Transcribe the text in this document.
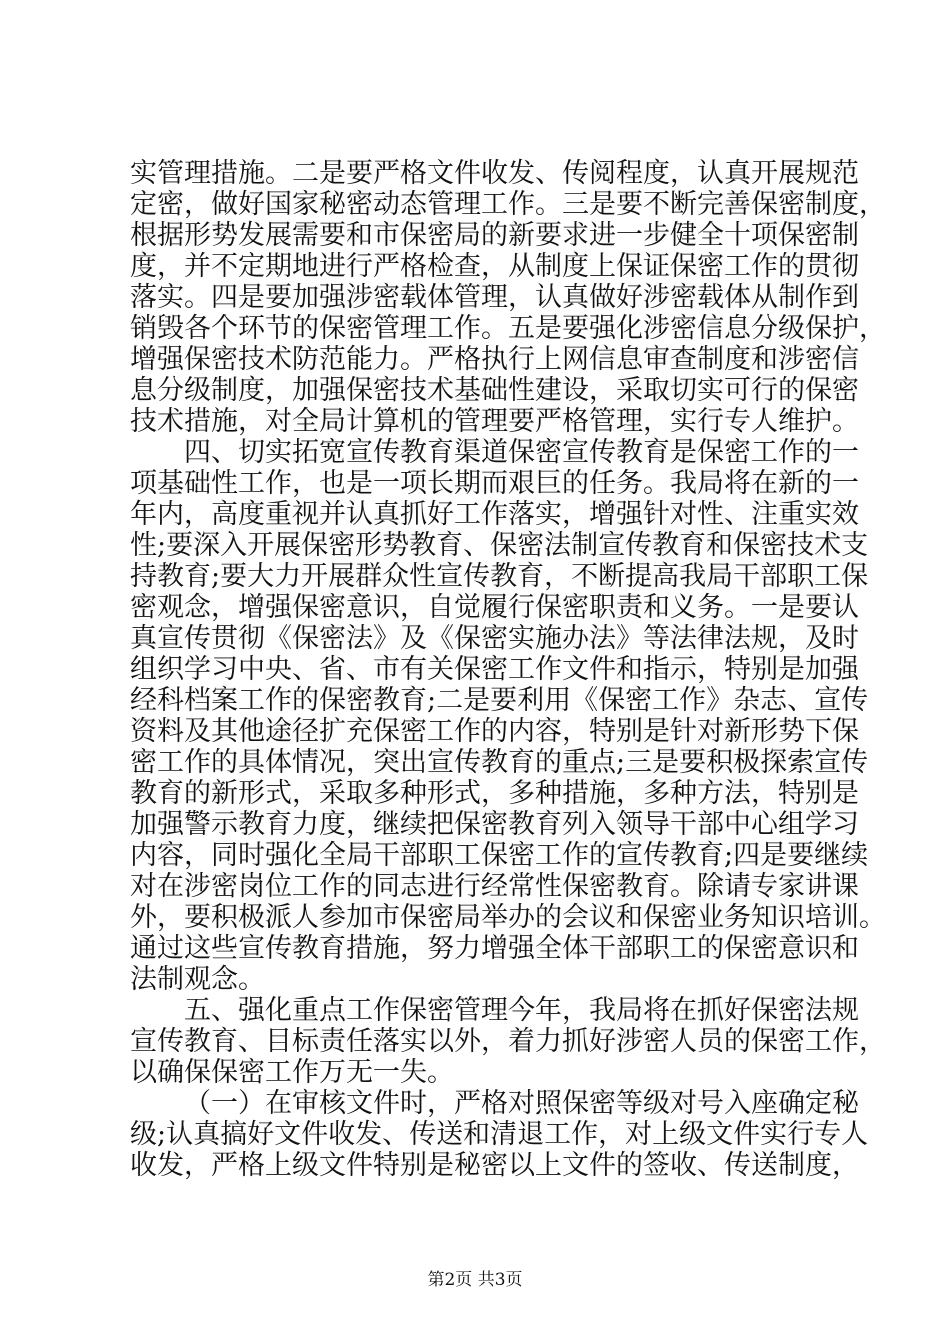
实管理措施。二是要严格文件收发、传阅程度，认真开展规范
定密，做好国家秘密动态管理工作。三是要不断完善保密制度，
根据形势发展需要和市保密局的新要求进一步健全十项保密制
度，并不定期地进行严格检查，从制度上保证保密工作的贯彻
落实。四是要加强涉密载体管理，认真做好涉密载体从制作到
销毁各个环节的保密管理工作。五是要强化涉密信息分级保护，
增强保密技术防范能力。严格执行上网信息审查制度和涉密信
息分级制度，加强保密技术基础性建设，采取切实可行的保密
技术措施，对全局计算机的管理要严格管理，实行专人维护。
四、切实拓宽宣传教育渠道保密宣传教育是保密工作的一
项基础性工作，也是一项长期而艰巨的任务。我局将在新的一
年内，高度重视并认真抓好工作落实，增强针对性、注重实效
性;要深入开展保密形势教育、保密法制宣传教育和保密技术支
持教育;要大力开展群众性宣传教育，不断提高我局干部职工保
密观念，增强保密意识，自觉履行保密职责和义务。一是要认
真宣传贯彻《保密法》及《保密实施办法》等法律法规，及时
组织学习中央、省、市有关保密工作文件和指示，特别是加强
经科档案工作的保密教育;二是要利用《保密工作》杂志、宣传
资料及其他途径扩充保密工作的内容，特别是针对新形势下保
密工作的具体情况，突出宣传教育的重点;三是要积极探索宣传
教育的新形式，采取多种形式，多种措施，多种方法，特别是
加强警示教育力度，继续把保密教育列入领导干部中心组学习
内容，同时强化全局干部职工保密工作的宣传教育;四是要继续
对在涉密岗位工作的同志进行经常性保密教育。除请专家讲课
外，要积极派人参加市保密局举办的会议和保密业务知识培训。
通过这些宣传教育措施，努力增强全体干部职工的保密意识和
法制观念。
五、强化重点工作保密管理今年，我局将在抓好保密法规
宣传教育、目标责任落实以外，着力抓好涉密人员的保密工作，
以确保保密工作万无一失。
（一）在审核文件时，严格对照保密等级对号入座确定秘
级;认真搞好文件收发、传送和清退工作，对上级文件实行专人
收发，严格上级文件特别是秘密以上文件的签收、传送制度，
第2页 共3页
